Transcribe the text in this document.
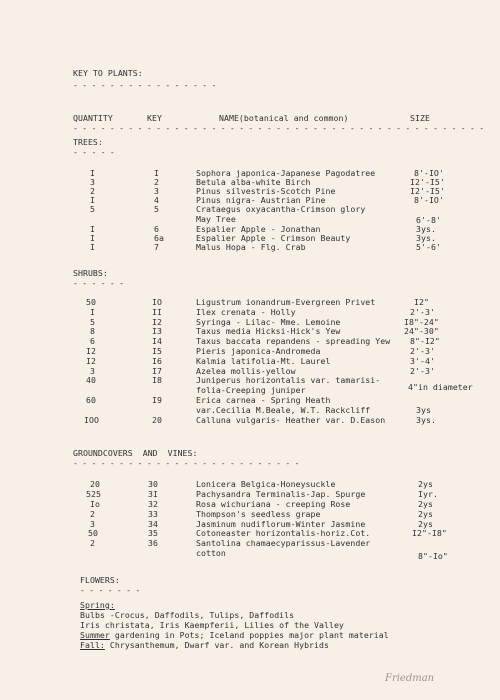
KEY TO PLANTS:
- - - - - - - - - - - - - - - -
QUANTITY	KEY	NAME(botanical and common)	SIZE
- - - - - - - - - - - - - - - - - - - - - - - - - - - - - - - - - - - - - - - - - - - - -
TREES:
- - - - -
I	I	Sophora japonica-Japanese Pagodatree	8'-IO'
3	2	Betula alba-white Birch	I2'-I5'
2	3	Pinus silvestris-Scotch Pine	I2'-I5'
I	4	Pinus nigra- Austrian Pine	8'-IO'
5	5	Crataegus oxyacantha-Crimson glory
May Tree	6'-8'
I	6	Espalier Apple - Jonathan	3ys.
I	6a	Espalier Apple - Crimson Beauty	3ys.
I	7	Malus Hopa - Flg. Crab	5'-6'
SHRUBS:
- - - - - -
50	IO	Ligustrum ionandrum-Evergreen Privet	I2"
I	II	Ilex crenata - Holly	2'-3'
5	I2	Syringa - Lilac- Mme. Lemoine	I8"-24"
8	I3	Taxus media Hicksi-Hick's Yew	24"-30"
6	I4	Taxus baccata repandens - spreading Yew 8"-I2"
I2	I5	Pieris japonica-Andromeda	2'-3'
I2	I6	Kalmia latifolia-Mt. Laurel	3'-4'
3	I7	Azelea mollis-yellow	2'-3'
40	I8	Juniperus horizontalis var. tamarisi-
folia-Creeping juniper	4"in diameter
60	I9	Erica carnea - Spring Heath
var.Cecilia M.Beale, W.T. Rackcliff	3ys
IOO	20	Calluna vulgaris- Heather var. D.Eason	3ys.
GROUNDCOVERS  AND  VINES:
- - - - - - - - - - - - - - - - - - - - - - - - -
20	30	Lonicera Belgica-Honeysuckle	2ys
525	3I	Pachysandra Terminalis-Jap. Spurge	Iyr.
Io	32	Rosa wichuriana - creeping Rose	2ys
2	33	Thompson's seedless grape	2ys
3	34	Jasminum nudiflorum-Winter Jasmine	2ys
50	35	Cotoneaster horizontalis-horiz.Cot.	I2"-I8"
2	36	Santolina chamaecyparissus-Lavender
cotton	8"-Io"
FLOWERS:
- - - - - - -
Spring:
Bulbs -Crocus, Daffodils, Tulips, Daffodils
Iris christata, Iris Kaempferii, Lilies of the Valley
Summer gardening in Pots; Iceland poppies major plant material
Fall: Chrysanthemum, Dwarf var. and Korean Hybrids
Friedman
